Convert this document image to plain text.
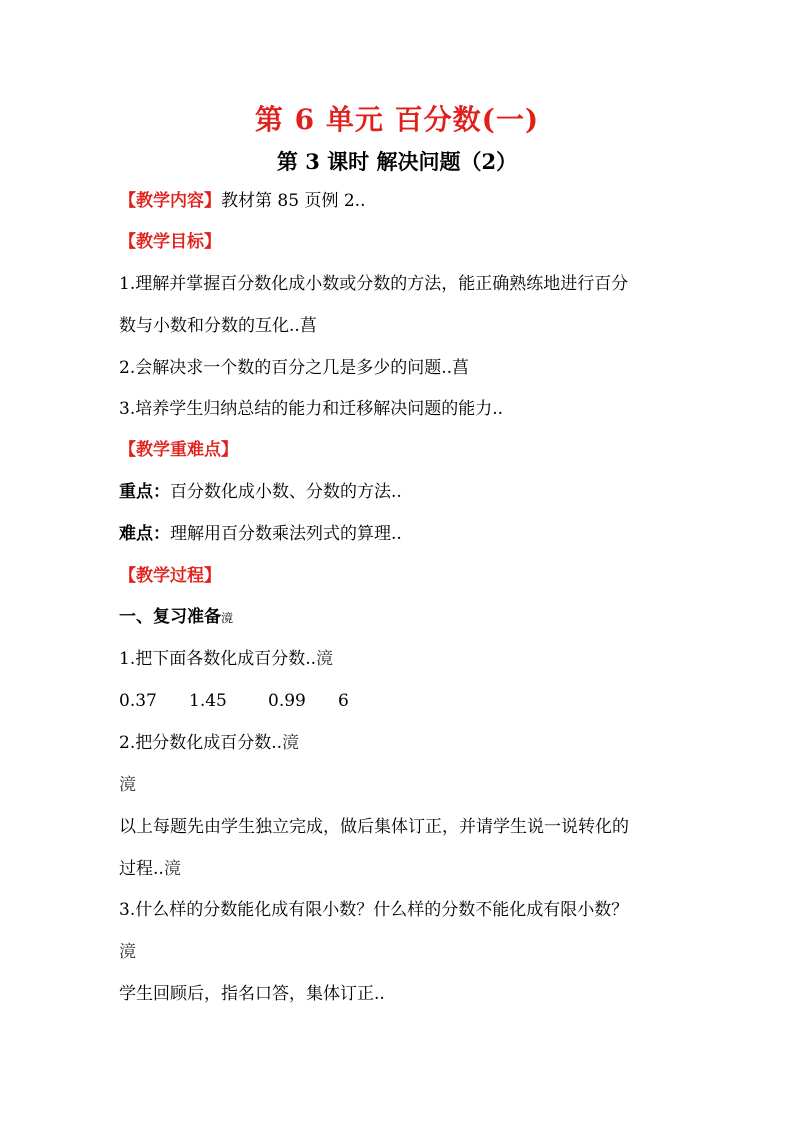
第 6 单元 百分数(一)
第 3 课时 解决问题（2）
【教学内容】教材第 85 页例 2..
【教学目标】
1.理解并掌握百分数化成小数或分数的方法，能正确熟练地进行百分
数与小数和分数的互化..菖
2.会解决求一个数的百分之几是多少的问题..菖
3.培养学生归纳总结的能力和迁移解决问题的能力..
【教学重难点】
重点：百分数化成小数、分数的方法..
难点：理解用百分数乘法列式的算理..
【教学过程】
一、复习准备滰
1.把下面各数化成百分数..滰
0.37 1.45 0.99 6
2.把分数化成百分数..滰
滰
以上每题先由学生独立完成，做后集体订正，并请学生说一说转化的
过程..滰
3.什么样的分数能化成有限小数？什么样的分数不能化成有限小数？
滰
学生回顾后，指名口答，集体订正..
